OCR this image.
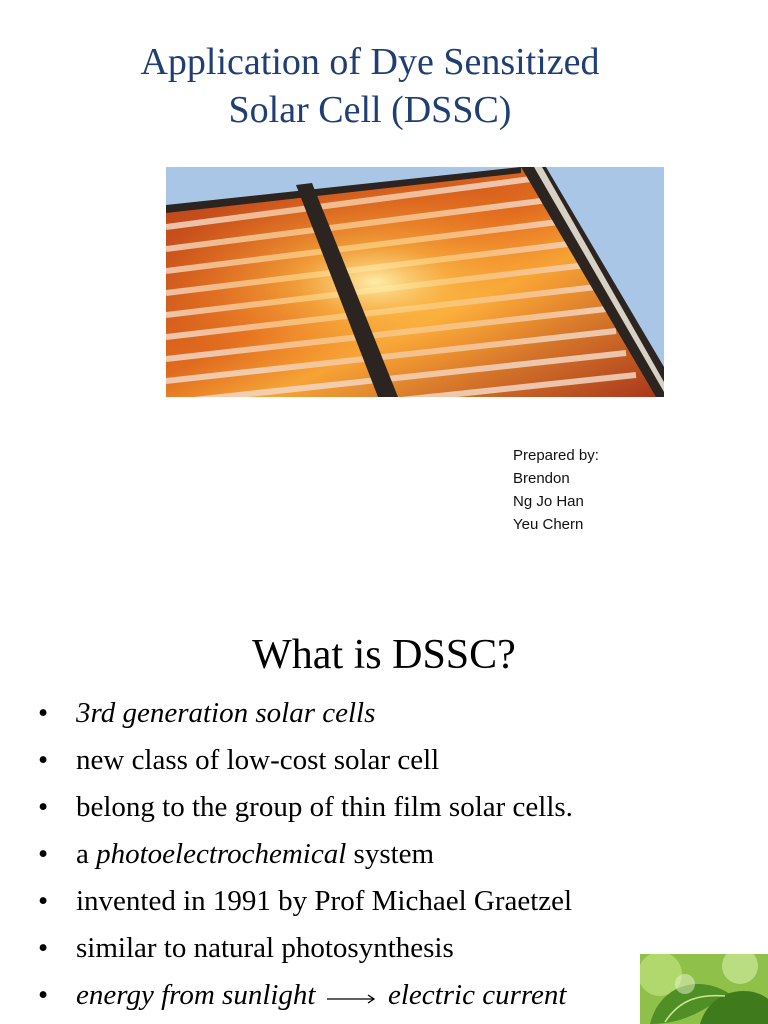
Application of Dye Sensitized
Solar Cell (DSSC)
Prepared by:
Brendon
Ng Jo Han
Yeu Chern
What is DSSC?
• 3rd generation solar cells
• new class of low-cost solar cell
• belong to the group of thin film solar cells.
• a photoelectrochemical system
• invented in 1991 by Prof Michael Graetzel
• similar to natural photosynthesis
• energy from sunlight	electric current
